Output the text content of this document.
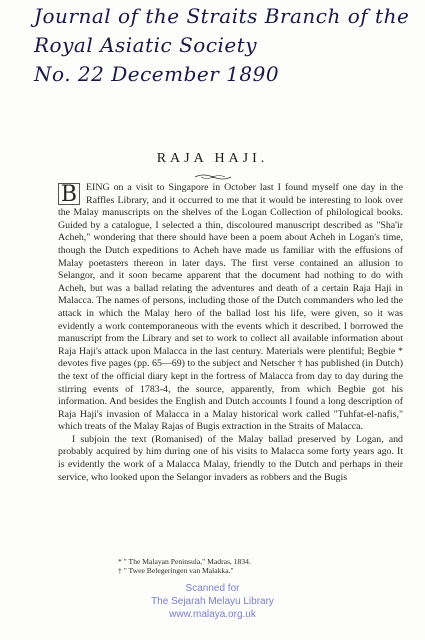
Journal of the Straits Branch of the
Royal Asiatic Society
No. 22 December 1890
RAJA HAJI.

B EING on a visit to Singapore in October last I found myself one day in the Raffles Library, and it occurred to me that it would be interesting to look over the Malay manuscripts on the shelves of the Logan Collection of philological books. Guided by a catalogue, I selected a thin, discoloured manuscript described as "Sha'ir Acheh," wondering that there should have been a poem about Acheh in Logan's time, though the Dutch expeditions to Acheh have made us familiar with the effusions of Malay poetasters thereon in later days. The first verse contained an allusion to Selangor, and it soon became apparent that the document had nothing to do with Acheh, but was a ballad relating the adventures and death of a certain Raja Haji in Malacca. The names of persons, including those of the Dutch commanders who led the attack in which the Malay hero of the ballad lost his life, were given, so it was evidently a work contemporaneous with the events which it described. I borrowed the manuscript from the Library and set to work to collect all available information about Raja Haji's attack upon Malacca in the last century. Materials were plentiful; Begbie * devotes five pages (pp. 65—69) to the subject and Netscher † has published (in Dutch) the text of the official diary kept in the fortress of Malacca from day to day during the stirring events of 1783-4, the source, apparently, from which Begbie got his information. And besides the English and Dutch accounts I found a long description of Raja Haji's invasion of Malacca in a Malay historical work called "Tuhfat-el-nafis," which treats of the Malay Rajas of Bugis extraction in the Straits of Malacca.

I subjoin the text (Romanised) of the Malay ballad preserved by Logan, and probably acquired by him during one of his visits to Malacca some forty years ago. It is evidently the work of a Malacca Malay, friendly to the Dutch and perhaps in their service, who looked upon the Selangor invaders as robbers and the Bugis

* " The Malayan Peninsula," Madras, 1834.
† " Twee Belegeringen van Malakka."
Scanned for
The Sejarah Melayu Library
www.malaya.org.uk
